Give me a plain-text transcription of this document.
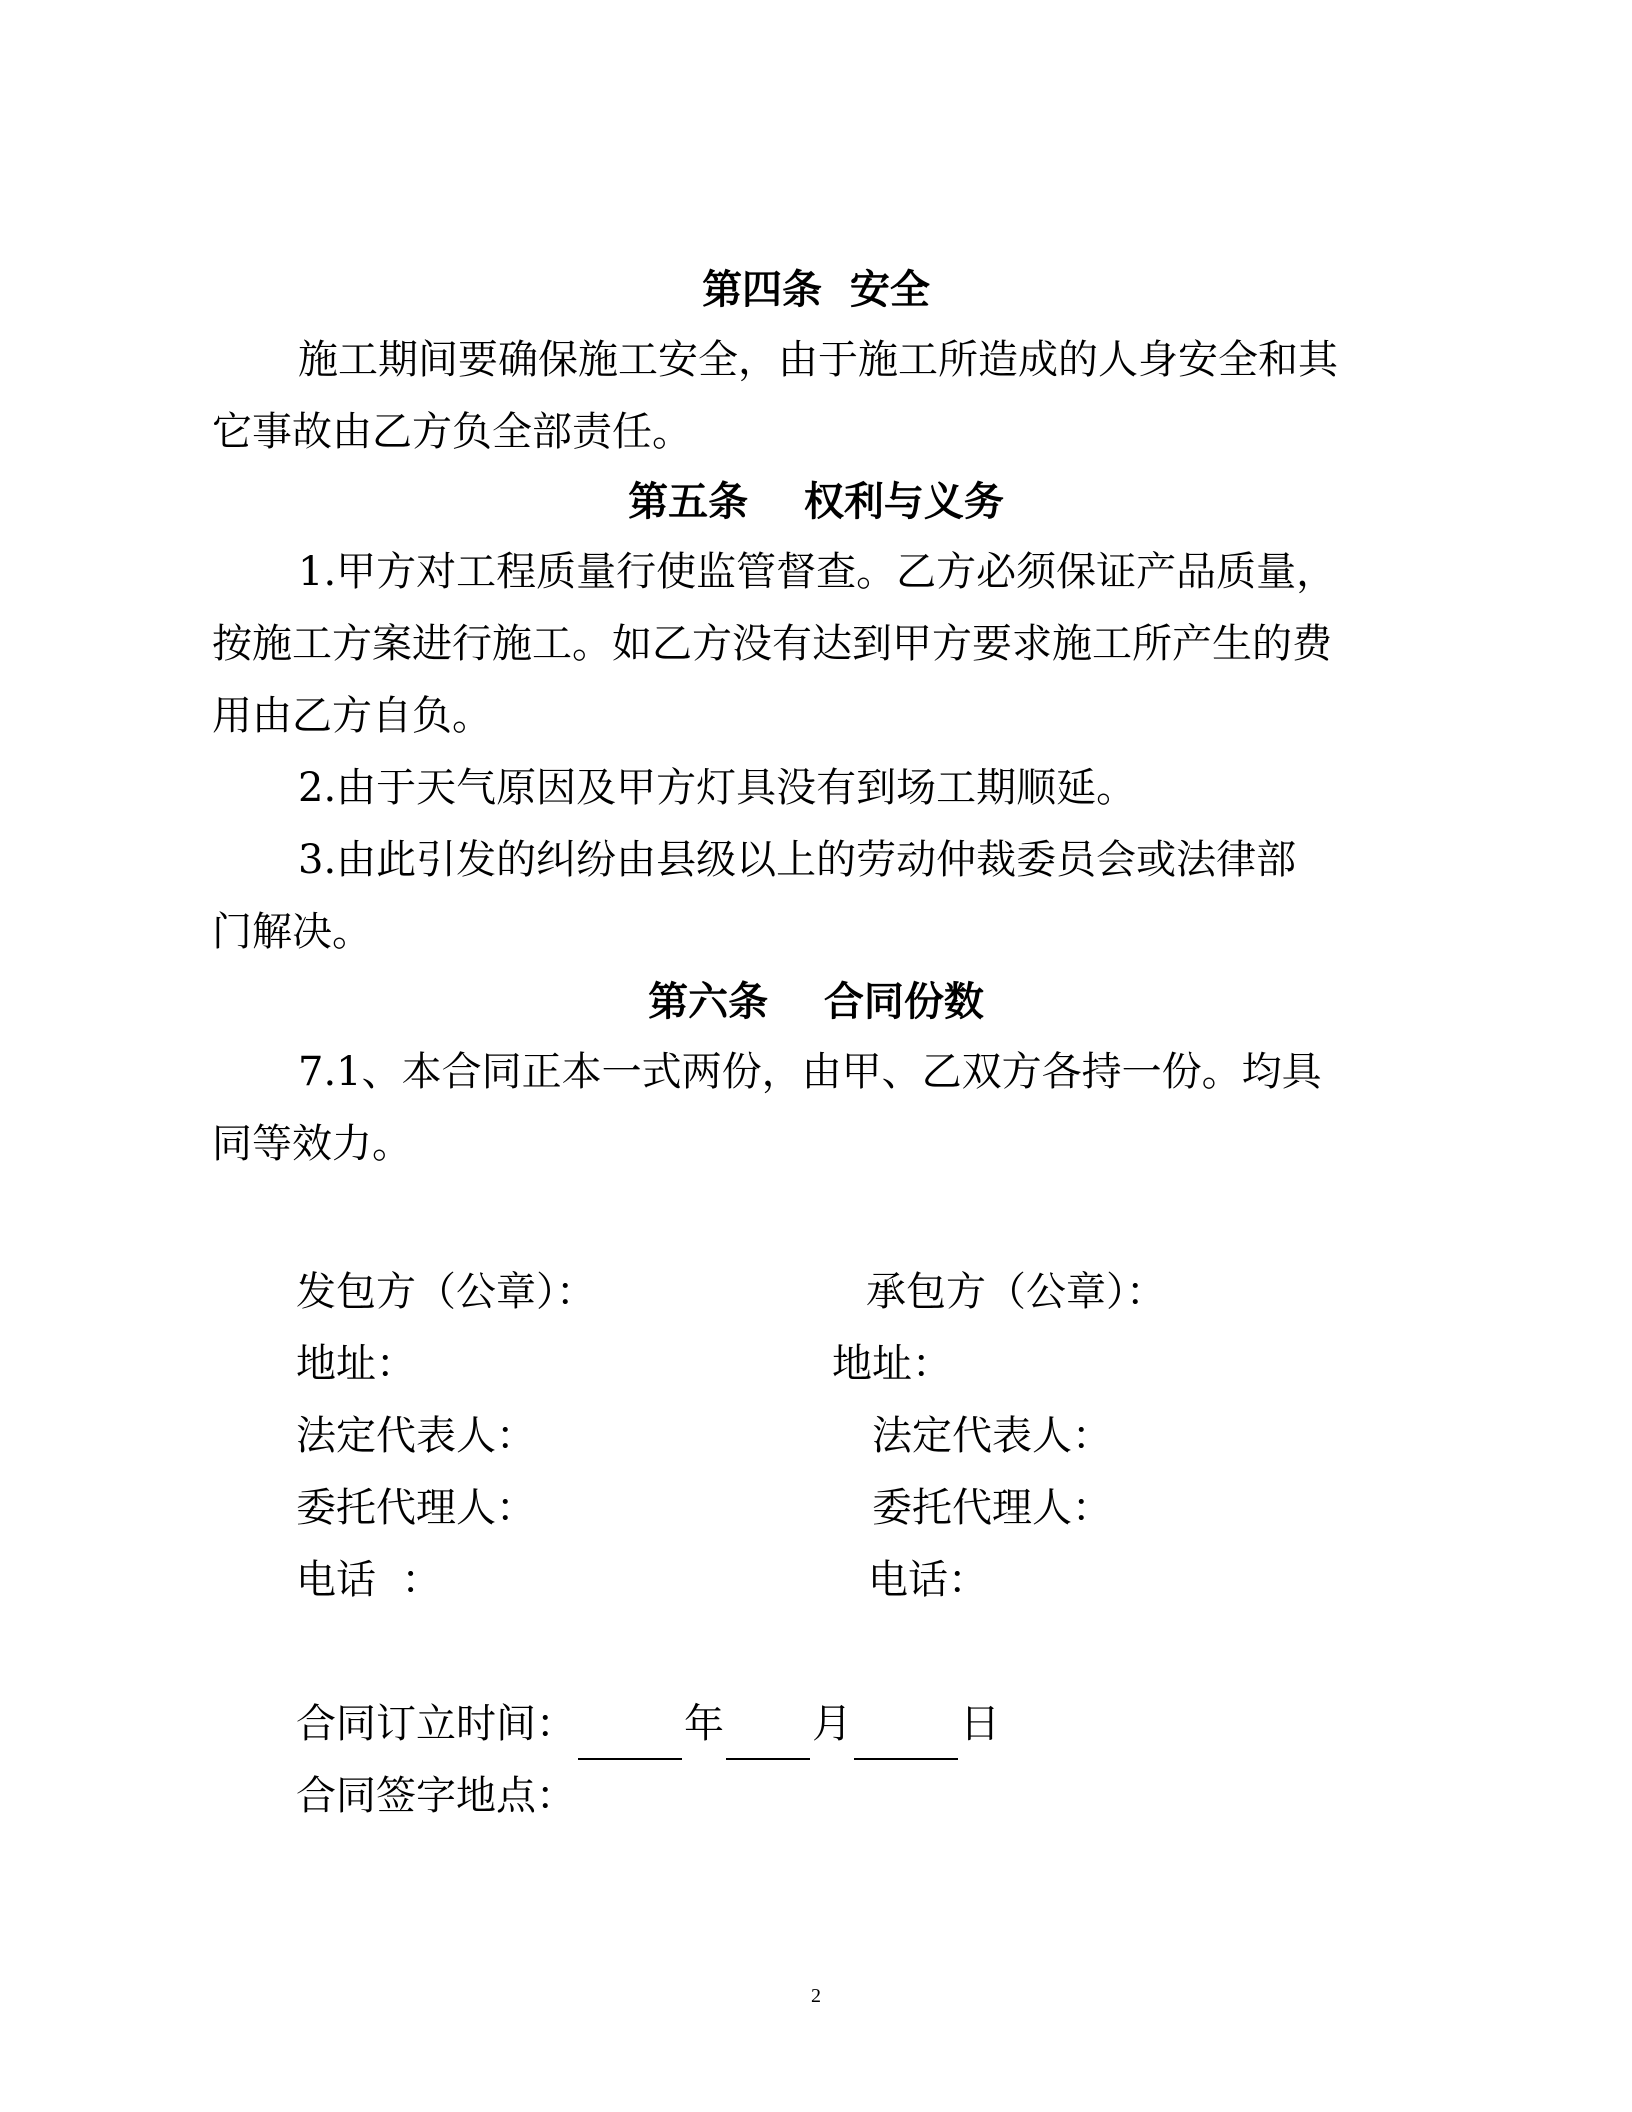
第四条  安全
施工期间要确保施工安全，由于施工所造成的人身安全和其
它事故由乙方负全部责任。
第五条    权利与义务
1.甲方对工程质量行使监管督查。乙方必须保证产品质量，
按施工方案进行施工。如乙方没有达到甲方要求施工所产生的费
用由乙方自负。
2.由于天气原因及甲方灯具没有到场工期顺延。
3.由此引发的纠纷由县级以上的劳动仲裁委员会或法律部
门解决。
第六条    合同份数
7.1、本合同正本一式两份，由甲、乙双方各持一份。均具
同等效力。
发包方（公章）：
地址：
法定代表人：
委托代理人：
电话  ：
承包方（公章）：
地址：
法定代表人：
委托代理人：
电话：
合同订立时间：	年 月	日
合同签字地点：
2
